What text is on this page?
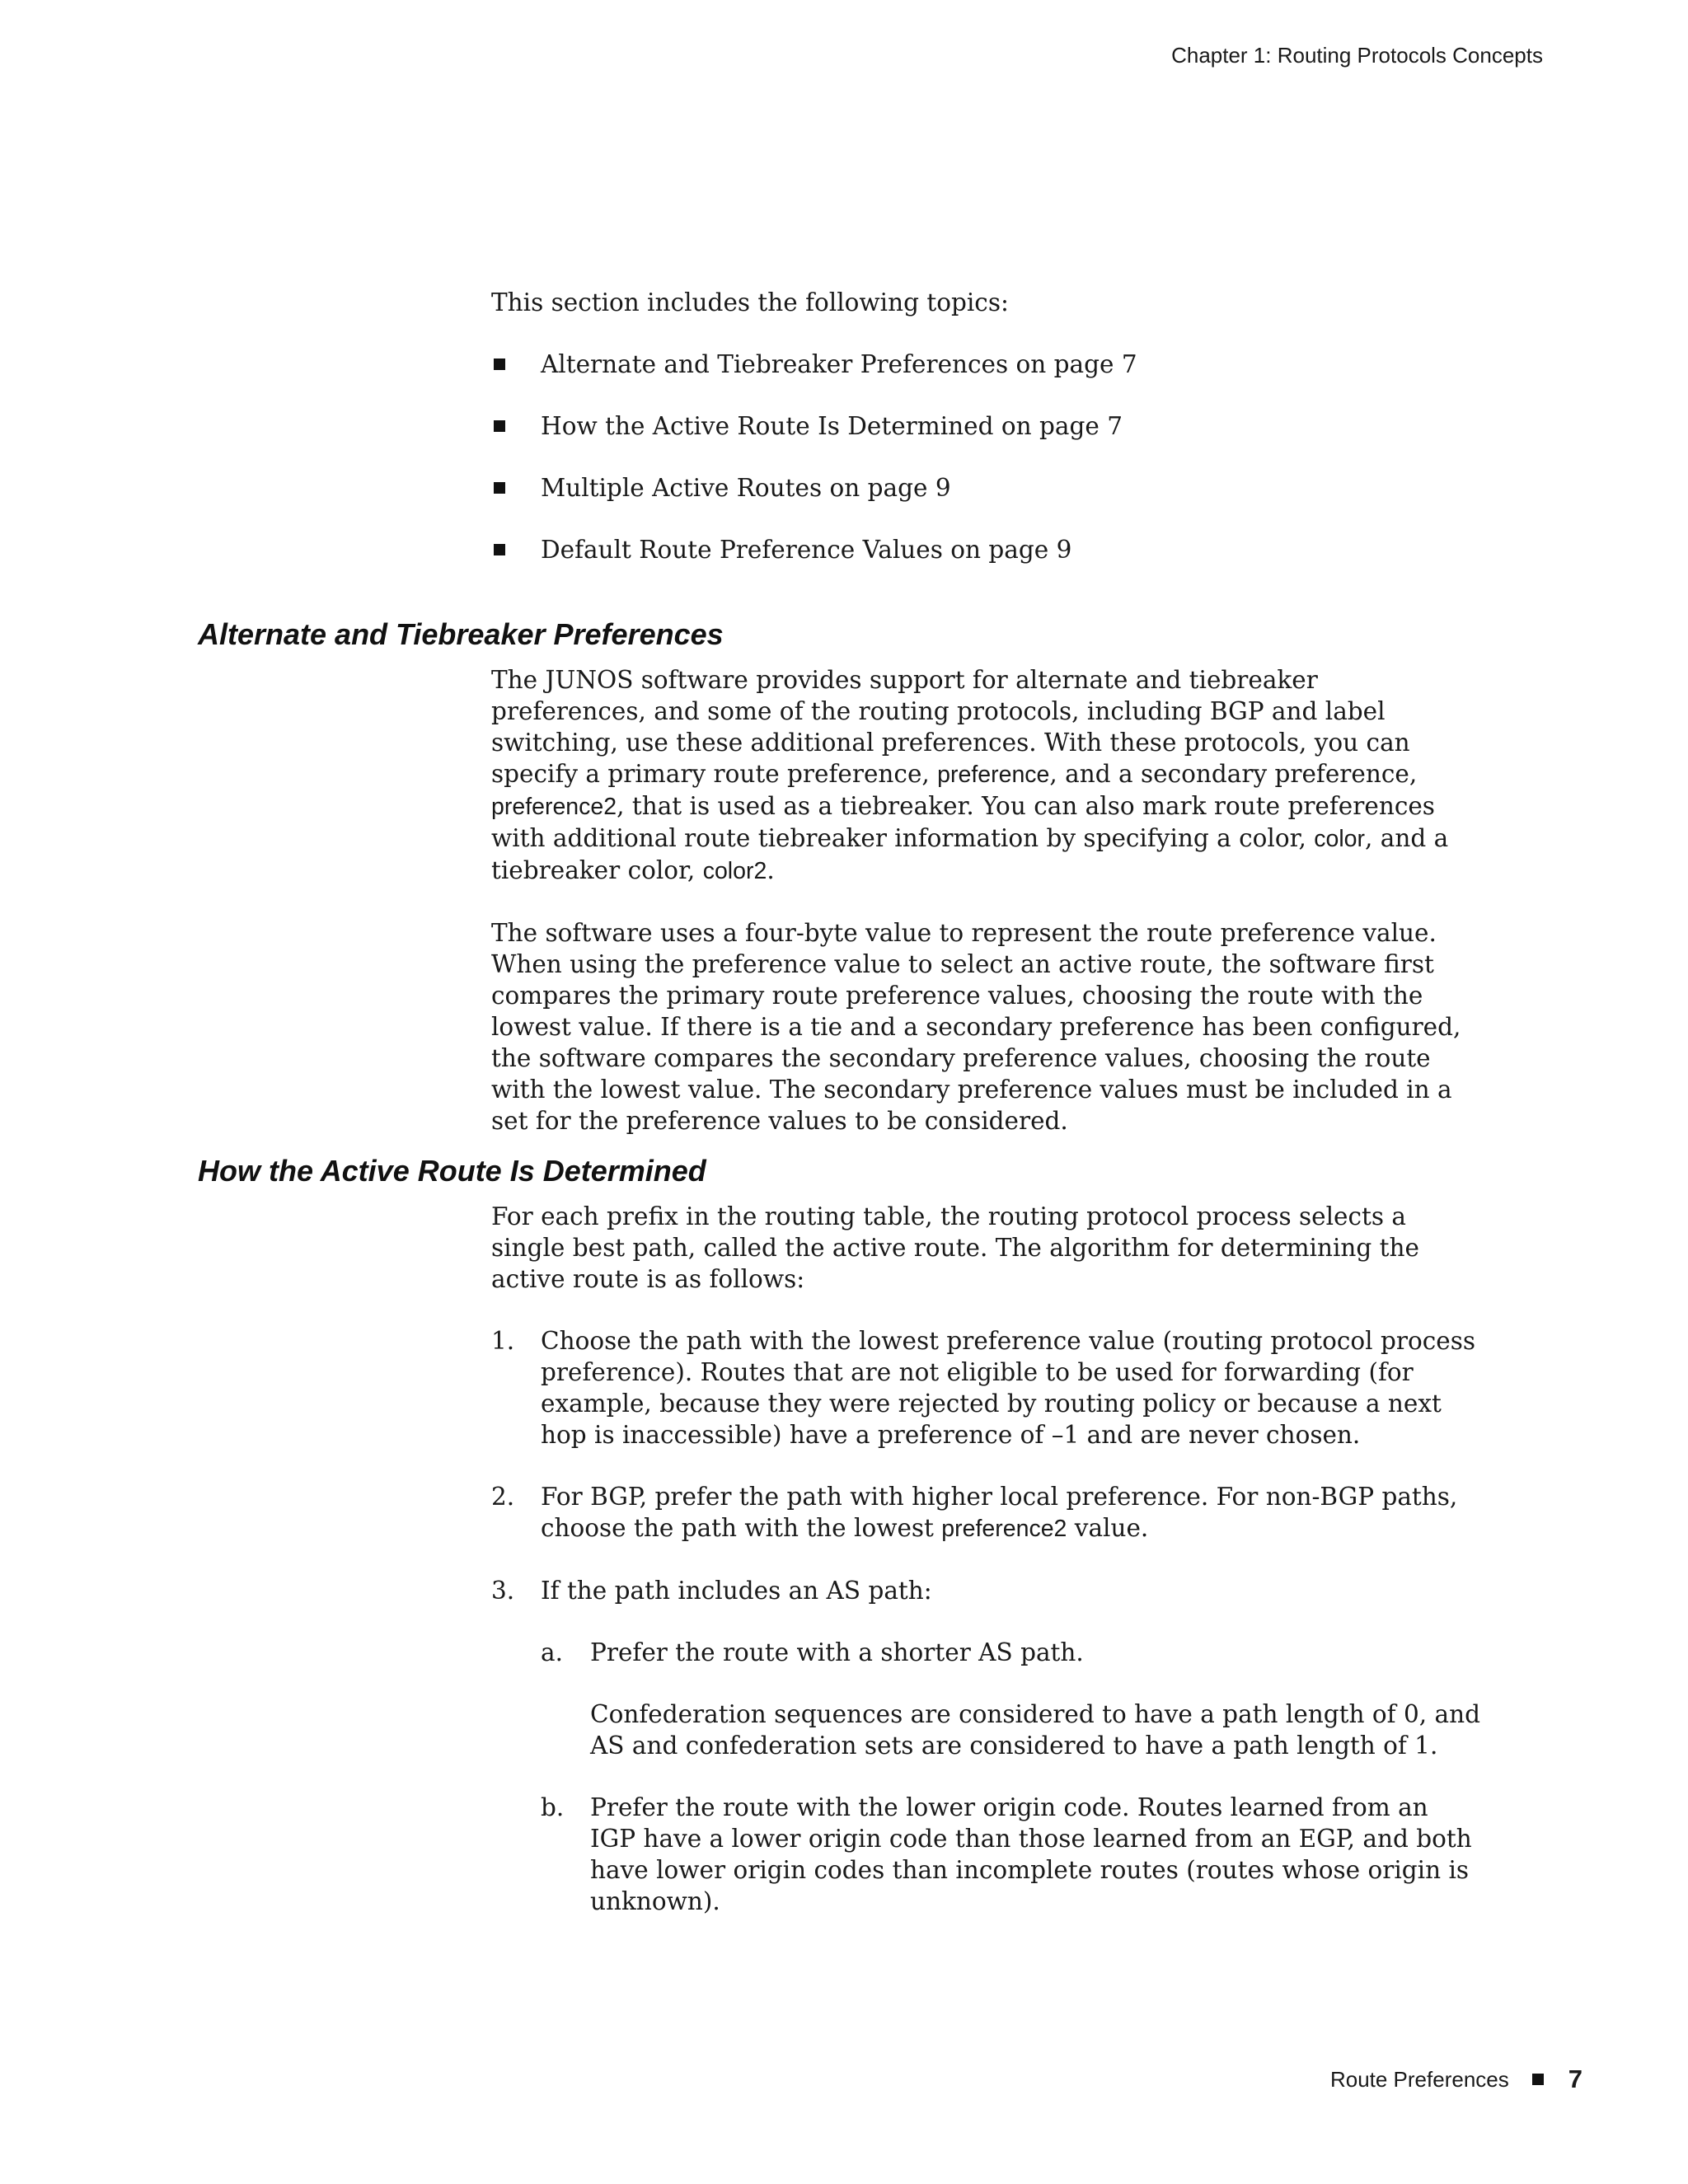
Chapter 1: Routing Protocols Concepts

This section includes the following topics:

Alternate and Tiebreaker Preferences on page 7
How the Active Route Is Determined on page 7
Multiple Active Routes on page 9
Default Route Preference Values on page 9
Alternate and Tiebreaker Preferences

The JUNOS software provides support for alternate and tiebreaker preferences, and some of the routing protocols, including BGP and label switching, use these additional preferences. With these protocols, you can specify a primary route preference, preference, and a secondary preference, preference2, that is used as a tiebreaker. You can also mark route preferences with additional route tiebreaker information by specifying a color, color, and a tiebreaker color, color2.

The software uses a four-byte value to represent the route preference value. When using the preference value to select an active route, the software first compares the primary route preference values, choosing the route with the lowest value. If there is a tie and a secondary preference has been configured, the software compares the secondary preference values, choosing the route with the lowest value. The secondary preference values must be included in a set for the preference values to be considered.

How the Active Route Is Determined

For each prefix in the routing table, the routing protocol process selects a single best path, called the active route. The algorithm for determining the active route is as follows:

1. Choose the path with the lowest preference value (routing protocol process preference). Routes that are not eligible to be used for forwarding (for example, because they were rejected by routing policy or because a next hop is inaccessible) have a preference of –1 and are never chosen.
2. For BGP, prefer the path with higher local preference. For non-BGP paths, choose the path with the lowest preference2 value.
3. If the path includes an AS path:
a. Prefer the route with a shorter AS path.

Confederation sequences are considered to have a path length of 0, and AS and confederation sets are considered to have a path length of 1.

b. Prefer the route with the lower origin code. Routes learned from an IGP have a lower origin code than those learned from an EGP, and both have lower origin codes than incomplete routes (routes whose origin is unknown).

Route Preferences 7
